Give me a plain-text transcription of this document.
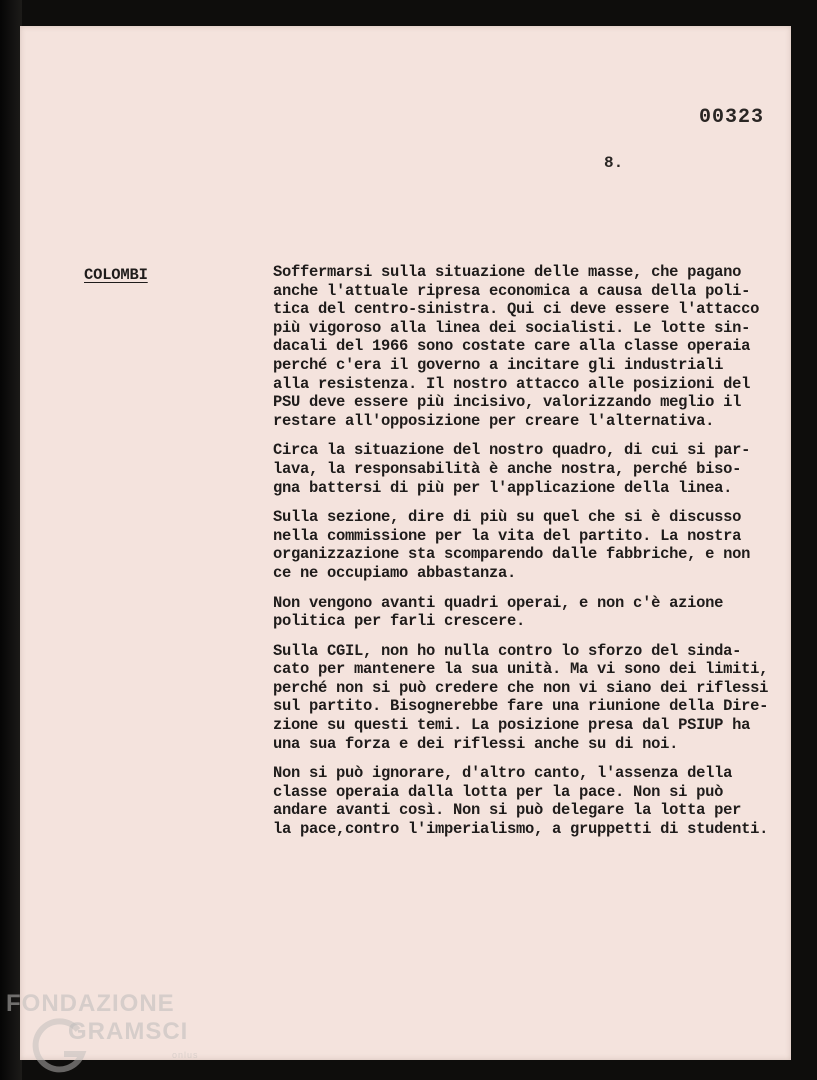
00323
8.
COLOMBI	Soffermarsi sulla situazione delle masse, che pagano
anche l'attuale ripresa economica a causa della poli-
tica del centro-sinistra. Qui ci deve essere l'attacco
più vigoroso alla linea dei socialisti. Le lotte sin-
dacali del 1966 sono costate care alla classe operaia
perché c'era il governo a incitare gli industriali
alla resistenza. Il nostro attacco alle posizioni del
PSU deve essere più incisivo, valorizzando meglio il
restare all'opposizione per creare l'alternativa.

Circa la situazione del nostro quadro, di cui si par-
lava, la responsabilità è anche nostra, perché biso-
gna battersi di più per l'applicazione della linea.

Sulla sezione, dire di più su quel che si è discusso
nella commissione per la vita del partito. La nostra
organizzazione sta scomparendo dalle fabbriche, e non
ce ne occupiamo abbastanza.

Non vengono avanti quadri operai, e non c'è azione
politica per farli crescere.

Sulla CGIL, non ho nulla contro lo sforzo del sinda-
cato per mantenere la sua unità. Ma vi sono dei limiti,
perché non si può credere che non vi siano dei riflessi
sul partito. Bisognerebbe fare una riunione della Dire-
zione su questi temi. La posizione presa dal PSIUP ha
una sua forza e dei riflessi anche su di noi.

Non si può ignorare, d'altro canto, l'assenza della
classe operaia dalla lotta per la pace. Non si può
andare avanti così. Non si può delegare la lotta per
la pace,contro l'imperialismo, a gruppetti di studenti.

FONDAZIONE
GRAMSCI
onlus
